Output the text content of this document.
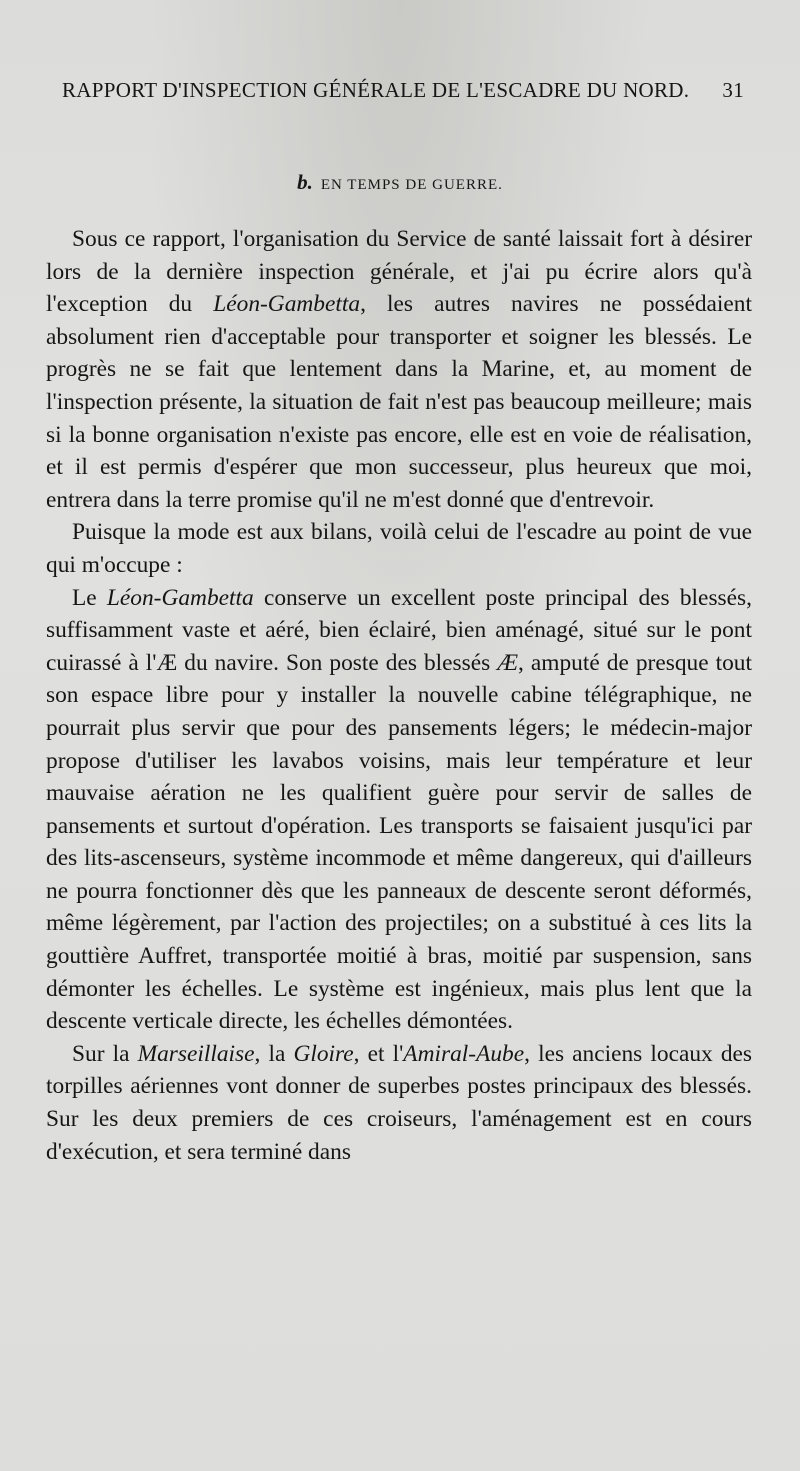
RAPPORT D'INSPECTION GÉNÉRALE DE L'ESCADRE DU NORD. 31
b. EN TEMPS DE GUERRE.

Sous ce rapport, l'organisation du Service de santé laissait fort à désirer lors de la dernière inspection générale, et j'ai pu écrire alors qu'à l'exception du Léon-Gambetta, les autres navires ne possédaient absolument rien d'acceptable pour transporter et soigner les blessés. Le progrès ne se fait que lentement dans la Marine, et, au moment de l'inspection présente, la situation de fait n'est pas beaucoup meilleure; mais si la bonne organisation n'existe pas encore, elle est en voie de réalisation, et il est permis d'espérer que mon successeur, plus heureux que moi, entrera dans la terre promise qu'il ne m'est donné que d'entrevoir.

Puisque la mode est aux bilans, voilà celui de l'escadre au point de vue qui m'occupe :

Le Léon-Gambetta conserve un excellent poste principal des blessés, suffisamment vaste et aéré, bien éclairé, bien aménagé, situé sur le pont cuirassé à l'Æ du navire. Son poste des blessés Æ, amputé de presque tout son espace libre pour y installer la nouvelle cabine télégraphique, ne pourrait plus servir que pour des pansements légers; le médecin-major propose d'utiliser les lavabos voisins, mais leur température et leur mauvaise aération ne les qualifient guère pour servir de salles de pansements et surtout d'opération. Les transports se faisaient jusqu'ici par des lits-ascenseurs, système incommode et même dangereux, qui d'ailleurs ne pourra fonctionner dès que les panneaux de descente seront déformés, même légèrement, par l'action des projectiles; on a substitué à ces lits la gouttière Auffret, transportée moitié à bras, moitié par suspension, sans démonter les échelles. Le système est ingénieux, mais plus lent que la descente verticale directe, les échelles démontées.

Sur la Marseillaise, la Gloire, et l'Amiral-Aube, les anciens locaux des torpilles aériennes vont donner de superbes postes principaux des blessés. Sur les deux premiers de ces croiseurs, l'aménagement est en cours d'exécution, et sera terminé dans
